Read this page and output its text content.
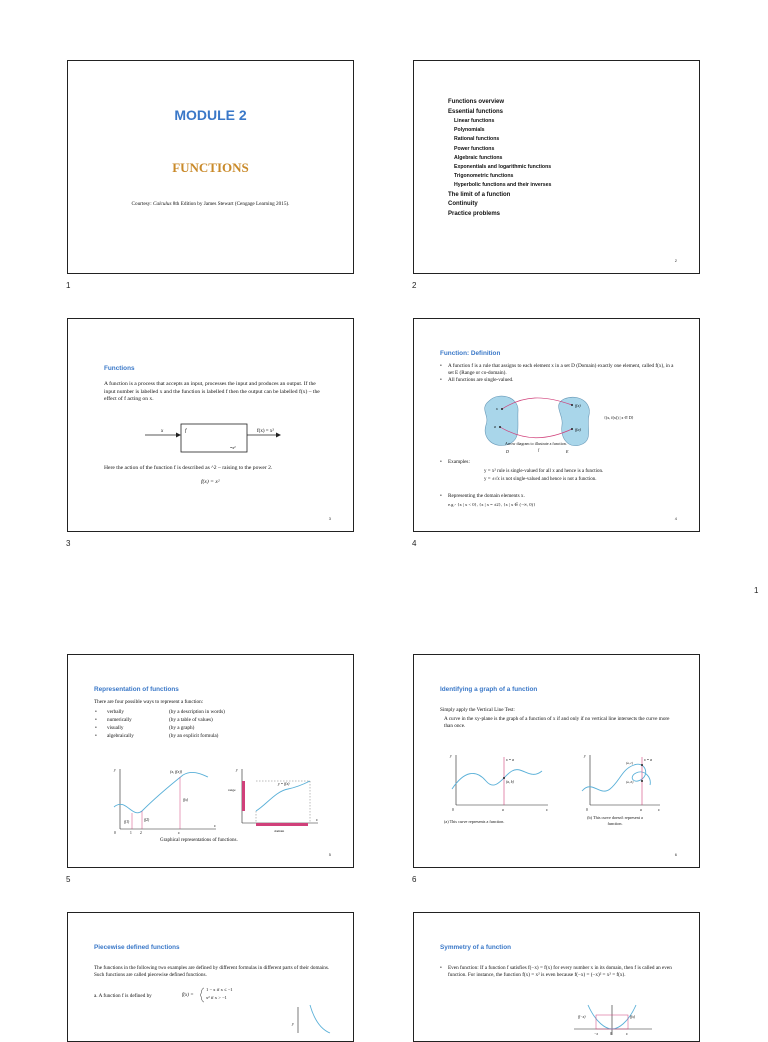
MODULE 2
FUNCTIONS
Courtesy: Calculus 8th Edition by James Stewart (Cengage Learning 2015).
1
Functions overview
Essential functions
Linear functions
Polynomials
Rational functions
Power functions
Algebraic functions
Exponentials and logarithmic functions
Trigonometric functions
Hyperbolic functions and their inverses
The limit of a function
Continuity
Practice problems
2
2
Functions
A function is a process that accepts an input, processes the input and produces an output. If the input number is labelled x and the function is labelled f then the output can be labelled f(x) – the effect of f acting on x.
x	f	f(x) = x²
=x²
Here the action of the function f is described as ^2 – raising to the power 2.
f(x) = x²
3
3
Function: Definition
• A function f is a rule that assigns to each element x in a set D (Domain) exactly one element, called f(x), in a set E (Range or co-domain).
• All functions are single-valued.
x
a
f(x)
f(a)
D	f	E
{(x, f(x)) | x ∈ D}
Arrow diagram to illustrate a function.
• Examples:
y = x² rule is single-valued for all x and hence is a function.
y = ±√x is not single-valued and hence is not a function.
• Representing the domain elements x.
e.g.- {x | x < 0}, {x | x = ±2}, {x | x ∈ (−∞, 0)}
4
4
1
Representation of functions
There are four possible ways to represent a function:
•	verbally	(by a description in words)
•	numerically	(by a table of values)
•	visually	(by a graph)
•	algebraically	(by an explicit formula)
(x, f(x))
f(1)	f(2)
f(x)
0	1 2	x
x
y
y = f(x)
range
domain
x
y
Graphical representations of functions.
5
5
Identifying a graph of a function
Simply apply the Vertical Line Test:
A curve in the xy-plane is the graph of a function of x if and only if no vertical line intersects the curve more than once.
x = a
(a, b)
a
0	x
y
x = a
(a, c)
(a, b)
a
0	x
y
(a) This curve represents a function.
(b) This curve doesn't represent a function.
6
6
Piecewise defined functions
The functions in the following two examples are defined by different formulas in different parts of their domains. Such functions are called piecewise defined functions.
a. A function f is defined by	f(x) =
1 − x if x ≤ −1
x² if x > −1
y
Symmetry of a function
• Even function: If a function f satisfies f(−x) = f(x) for every number x in its domain, then f is called an even function. For instance, the function f(x) = x² is even because f(−x) = (−x)² = x² = f(x).
f(−x)	f(x)
−x	0	x
